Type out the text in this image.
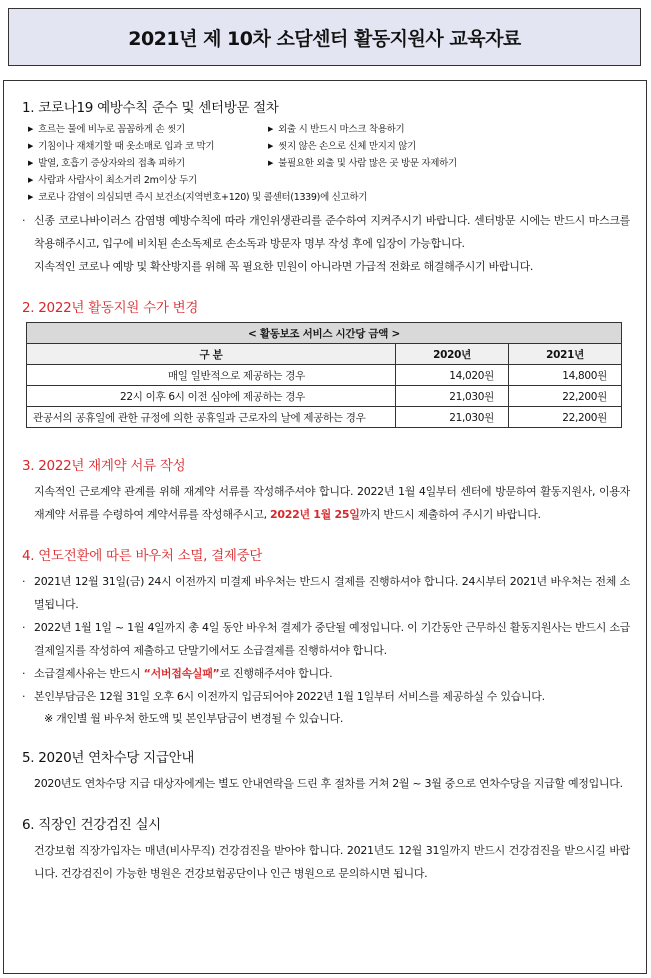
2021년 제 10차 소담센터 활동지원사 교육자료
1. 코로나19 예방수칙 준수 및 센터방문 절차
▶ 흐르는 물에 비누로 꼼꼼하게 손 씻기	▶ 외출 시 반드시 마스크 착용하기
▶ 기침이나 재채기할 때 옷소매로 입과 코 막기	▶ 씻지 않은 손으로 신체 만지지 않기
▶ 발열, 호흡기 증상자와의 접촉 피하기	▶ 불필요한 외출 및 사람 많은 곳 방문 자제하기
▶ 사람과 사람사이 최소거리 2m이상 두기
▶ 코로나 감염이 의심되면 즉시 보건소(지역번호+120) 및 콜센터(1339)에 신고하기
· 신종 코로나바이러스 감염병 예방수칙에 따라 개인위생관리를 준수하여 지켜주시기 바랍니다. 센터방문 시에는 반드시 마스크를 착용해주시고, 입구에 비치된 손소독제로 손소독과 방문자 명부 작성 후에 입장이 가능합니다.
지속적인 코로나 예방 및 확산방지를 위해 꼭 필요한 민원이 아니라면 가급적 전화로 해결해주시기 바랍니다.
2. 2022년 활동지원 수가 변경
< 활동보조 서비스 시간당 금액 >		
구 분	2020년	2021년
매일 일반적으로 제공하는 경우	14,020원	14,800원
22시 이후 6시 이전 심야에 제공하는 경우	21,030원	22,200원
관공서의 공휴일에 관한 규정에 의한 공휴일과 근로자의 날에 제공하는 경우	21,030원	22,200원
3. 2022년 재계약 서류 작성
지속적인 근로계약 관계를 위해 재계약 서류를 작성해주셔야 합니다. 2022년 1월 4일부터 센터에 방문하여 활동지원사, 이용자 재계약 서류를 수령하여 계약서류를 작성해주시고, 2022년 1월 25일까지 반드시 제출하여 주시기 바랍니다.
4. 연도전환에 따른 바우처 소멸, 결제중단
· 2021년 12월 31일(금) 24시 이전까지 미결제 바우처는 반드시 결제를 진행하셔야 합니다. 24시부터 2021년 바우처는 전체 소멸됩니다.
· 2022년 1월 1일 ~ 1월 4일까지 총 4일 동안 바우처 결제가 중단될 예정입니다. 이 기간동안 근무하신 활동지원사는 반드시 소급결제일지를 작성하여 제출하고 단말기에서도 소급결제를 진행하셔야 합니다.
· 소급결제사유는 반드시 “서버접속실패”로 진행해주셔야 합니다.
· 본인부담금은 12월 31일 오후 6시 이전까지 입금되어야 2022년 1월 1일부터 서비스를 제공하실 수 있습니다.
※ 개인별 월 바우처 한도액 및 본인부담금이 변경될 수 있습니다.
5. 2020년 연차수당 지급안내
2020년도 연차수당 지급 대상자에게는 별도 안내연락을 드린 후 절차를 거쳐 2월 ~ 3월 중으로 연차수당을 지급할 예정입니다.
6. 직장인 건강검진 실시
건강보험 직장가입자는 매년(비사무직) 건강검진을 받아야 합니다. 2021년도 12월 31일까지 반드시 건강검진을 받으시길 바랍니다. 건강검진이 가능한 병원은 건강보험공단이나 인근 병원으로 문의하시면 됩니다.
